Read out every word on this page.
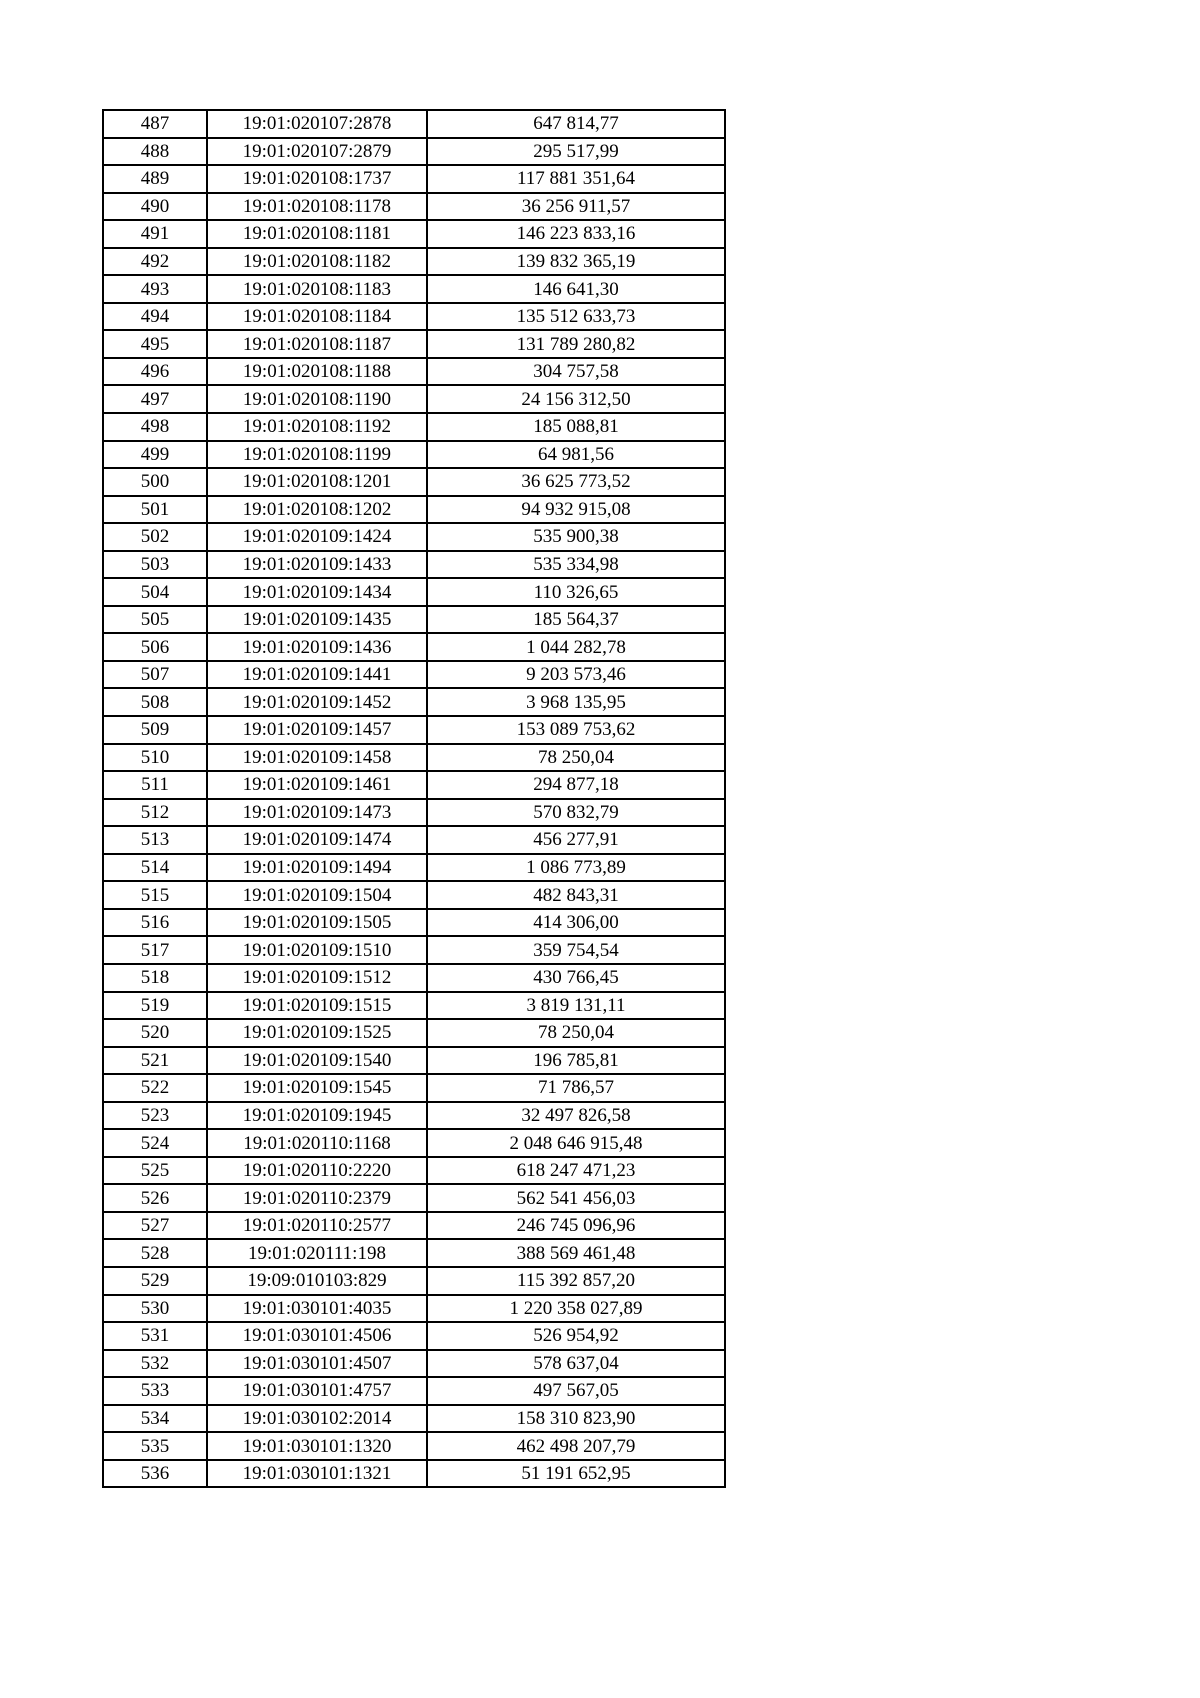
487	19:01:020107:2878	647 814,77
488	19:01:020107:2879	295 517,99
489	19:01:020108:1737	117 881 351,64
490	19:01:020108:1178	36 256 911,57
491	19:01:020108:1181	146 223 833,16
492	19:01:020108:1182	139 832 365,19
493	19:01:020108:1183	146 641,30
494	19:01:020108:1184	135 512 633,73
495	19:01:020108:1187	131 789 280,82
496	19:01:020108:1188	304 757,58
497	19:01:020108:1190	24 156 312,50
498	19:01:020108:1192	185 088,81
499	19:01:020108:1199	64 981,56
500	19:01:020108:1201	36 625 773,52
501	19:01:020108:1202	94 932 915,08
502	19:01:020109:1424	535 900,38
503	19:01:020109:1433	535 334,98
504	19:01:020109:1434	110 326,65
505	19:01:020109:1435	185 564,37
506	19:01:020109:1436	1 044 282,78
507	19:01:020109:1441	9 203 573,46
508	19:01:020109:1452	3 968 135,95
509	19:01:020109:1457	153 089 753,62
510	19:01:020109:1458	78 250,04
511	19:01:020109:1461	294 877,18
512	19:01:020109:1473	570 832,79
513	19:01:020109:1474	456 277,91
514	19:01:020109:1494	1 086 773,89
515	19:01:020109:1504	482 843,31
516	19:01:020109:1505	414 306,00
517	19:01:020109:1510	359 754,54
518	19:01:020109:1512	430 766,45
519	19:01:020109:1515	3 819 131,11
520	19:01:020109:1525	78 250,04
521	19:01:020109:1540	196 785,81
522	19:01:020109:1545	71 786,57
523	19:01:020109:1945	32 497 826,58
524	19:01:020110:1168	2 048 646 915,48
525	19:01:020110:2220	618 247 471,23
526	19:01:020110:2379	562 541 456,03
527	19:01:020110:2577	246 745 096,96
528	19:01:020111:198	388 569 461,48
529	19:09:010103:829	115 392 857,20
530	19:01:030101:4035	1 220 358 027,89
531	19:01:030101:4506	526 954,92
532	19:01:030101:4507	578 637,04
533	19:01:030101:4757	497 567,05
534	19:01:030102:2014	158 310 823,90
535	19:01:030101:1320	462 498 207,79
536	19:01:030101:1321	51 191 652,95
